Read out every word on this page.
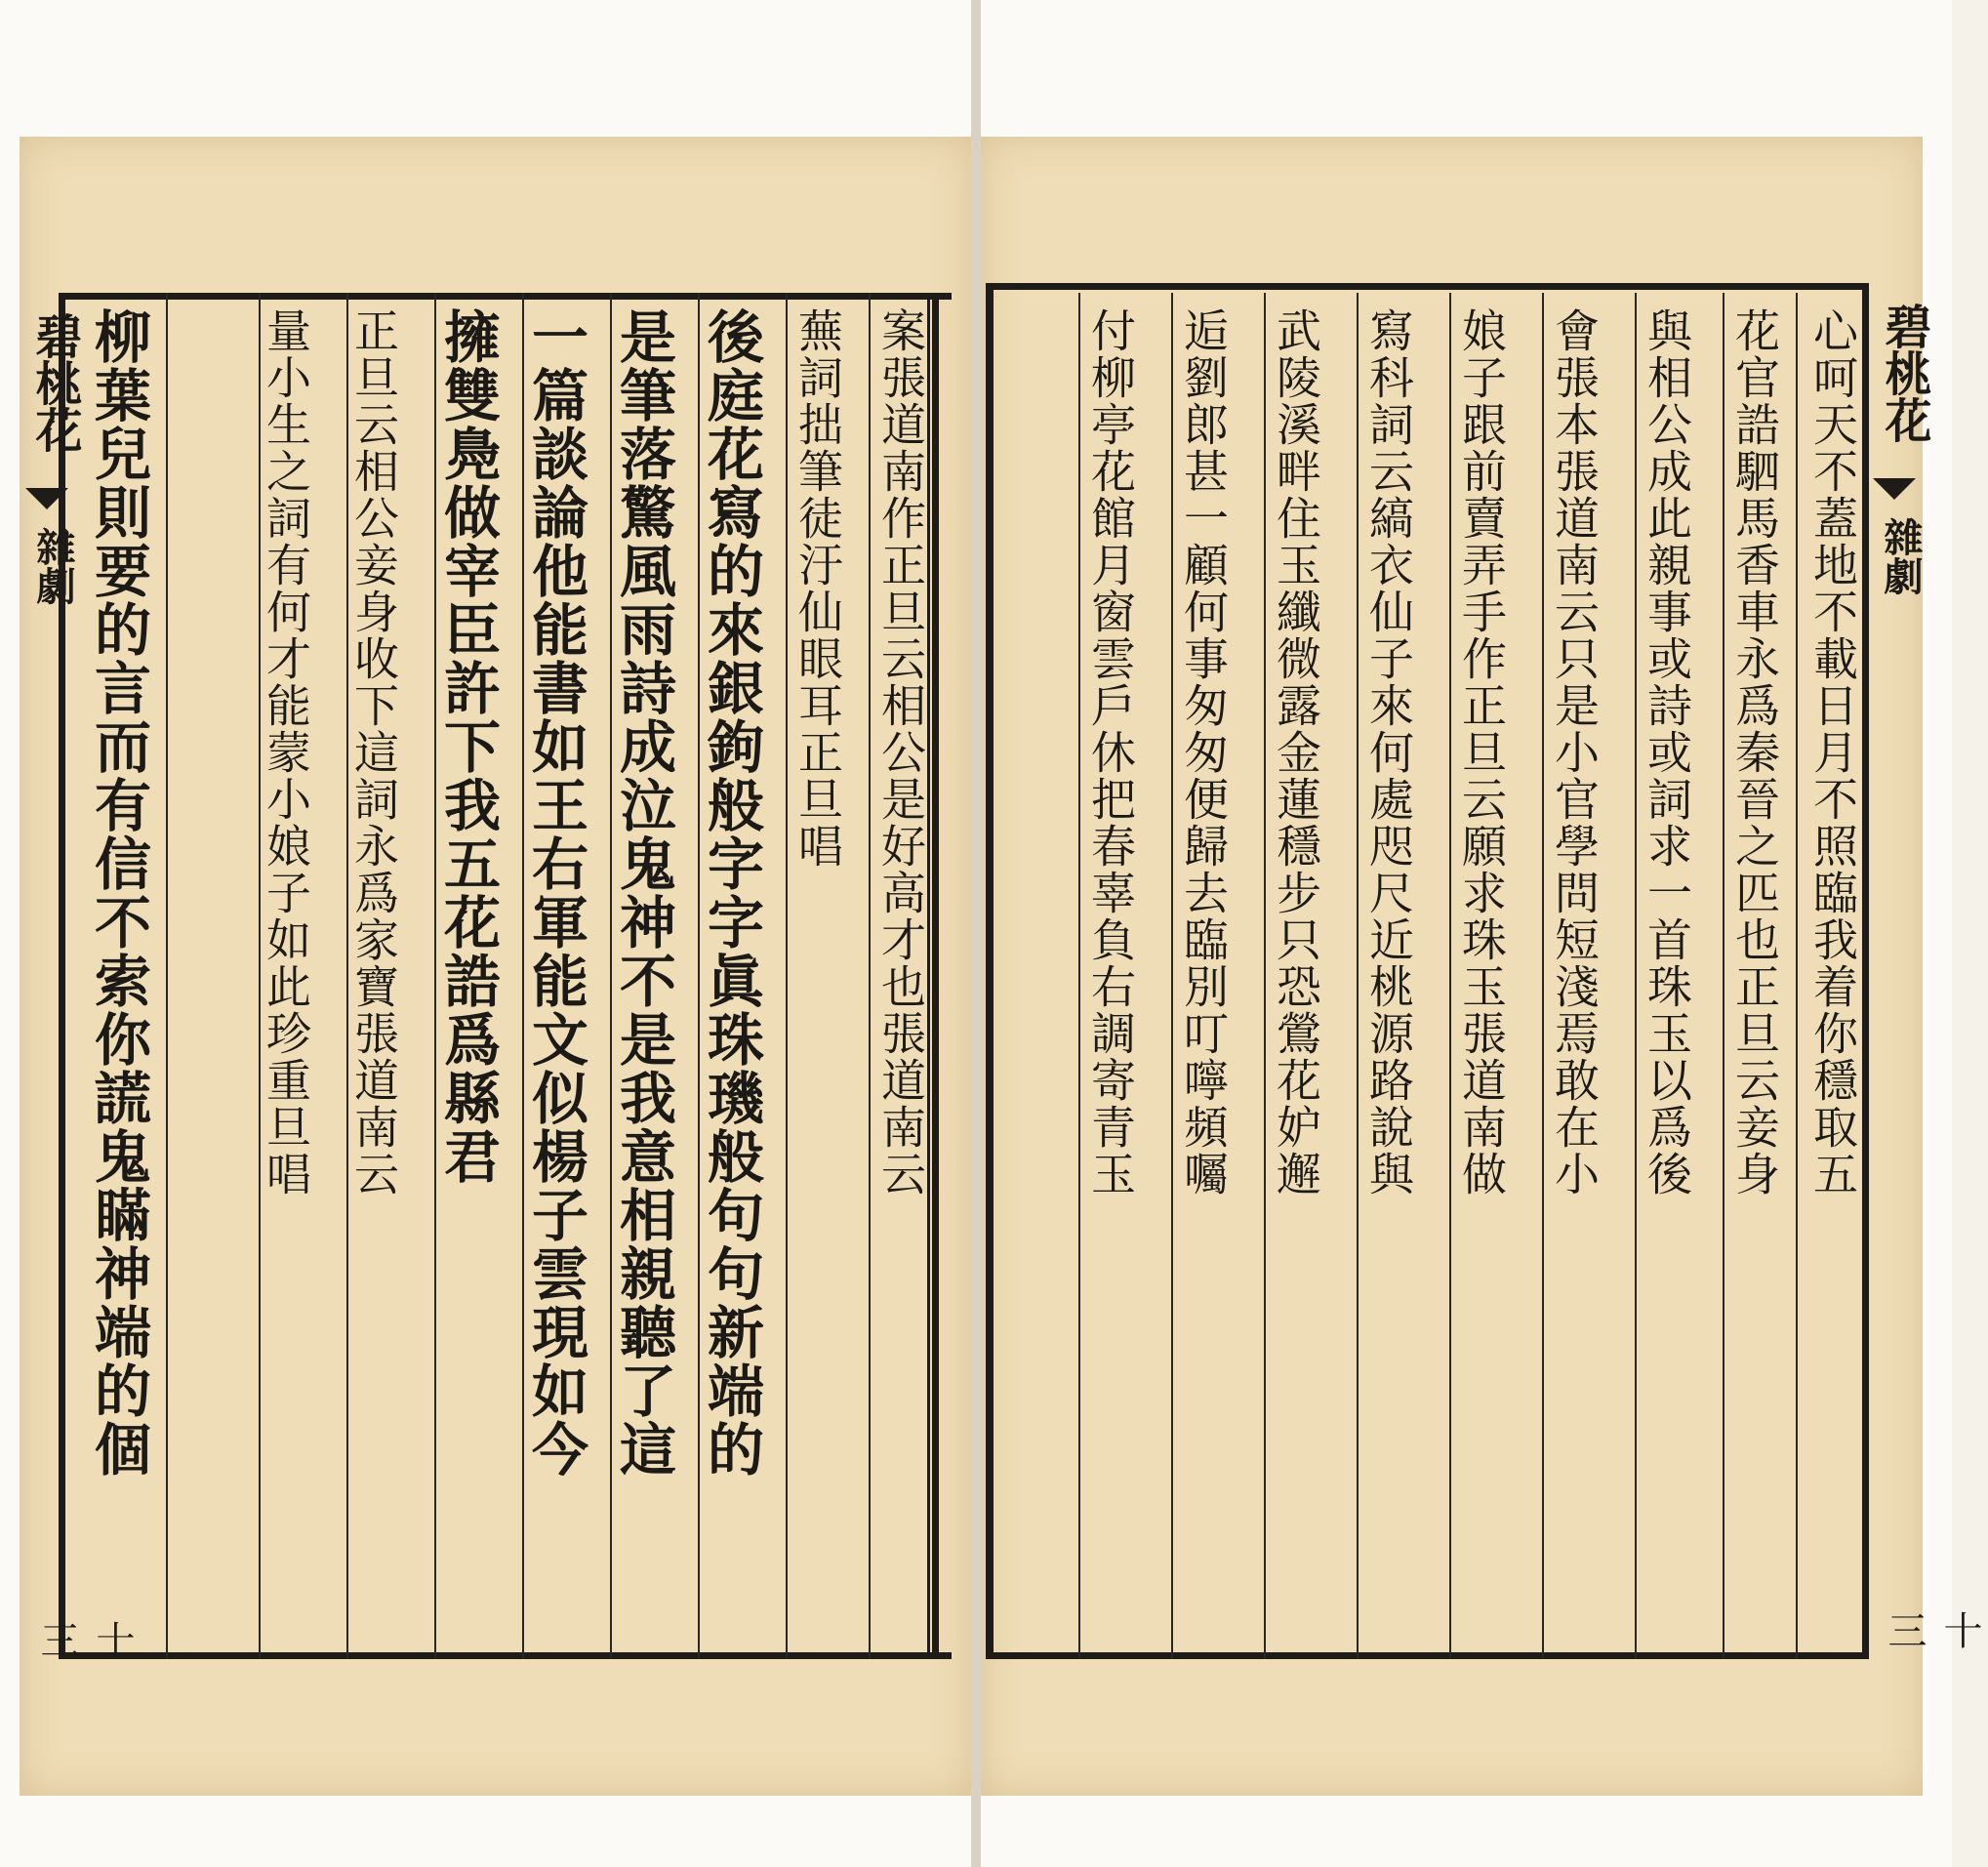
碧桃花
雜劇
十三
案張道南作正旦云相公是好高才也張道南云
蕪詞拙筆徒汙仙眼耳正旦唱
後庭花寫的來銀鉤般字字眞珠璣般句句新端的
是筆落驚風雨詩成泣鬼神不是我意相親聽了這
一篇談論他能書如王右軍能文似楊子雲現如今
擁雙鳧做宰臣許下我五花誥爲縣君
正旦云相公妾身收下這詞永爲家寶張道南云
量小生之詞有何才能蒙小娘子如此珍重旦唱
柳葉兒則要的言而有信不索你謊鬼瞞神端的個	碧桃花
雜劇
十三
心呵天不蓋地不載日月不照臨我着你穩取五
花官誥駟馬香車永爲秦晉之匹也正旦云妾身
與相公成此親事或詩或詞求一首珠玉以爲後
會張本張道南云只是小官學問短淺焉敢在小
娘子跟前賣弄手作正旦云願求珠玉張道南做
寫科詞云縞衣仙子來何處咫尺近桃源路說與
武陵溪畔住玉纖微露金蓮穩步只恐鶯花妒邂
逅劉郎甚一顧何事匆匆便歸去臨別叮嚀頻囑
付柳亭花館月窗雲戶休把春辜負右調寄青玉
